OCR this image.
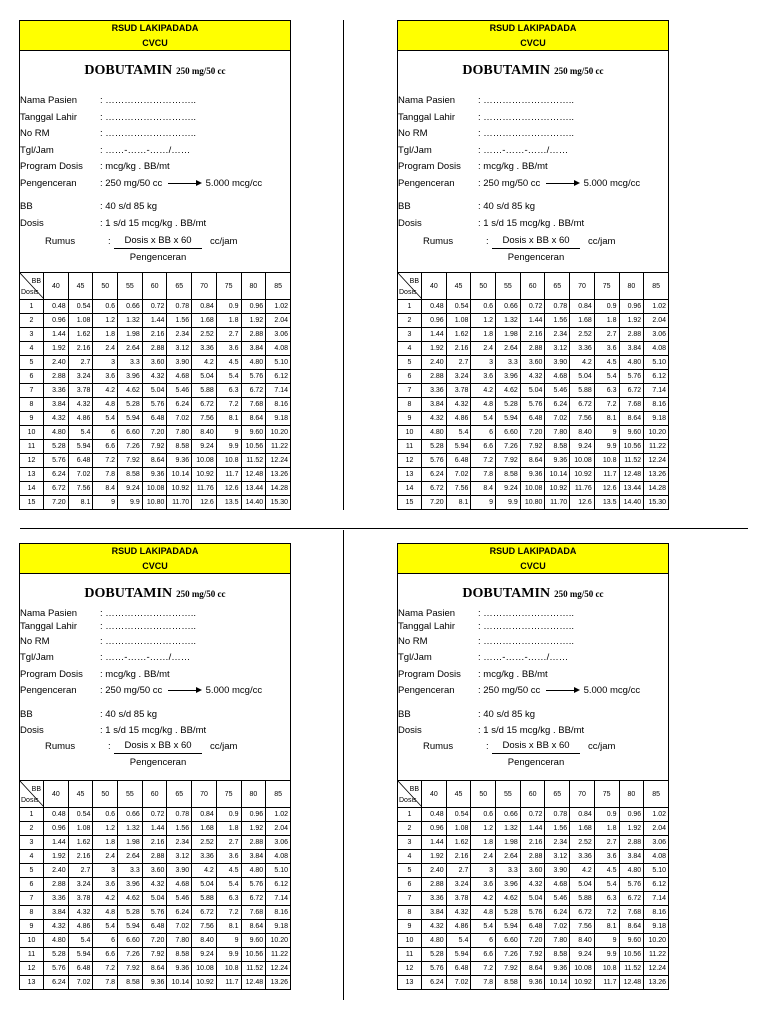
RSUD LAKIPADADA
CVCU
DOBUTAMIN 250 mg/50 cc
Nama Pasien : ………………………..
Tanggal Lahir : ………………………..
No RM	: ………………………..
Tgl/Jam	: ……-……-……/……
Program Dosis : mcg/kg . BB/mt
Pengenceran : 250 mg/50 cc	5.000 mcg/cc
BB	: 40 s/d 85 kg
Dosis	: 1 s/d 15 mcg/kg . BB/mt
Rumus	:	Dosis x BB x 60	cc/jam
Pengenceran
BB
Dosis	40	45	50	55	60	65	70	75	80	85
1	0.48	0.54	0.6	0.66	0.72	0.78	0.84	0.9	0.96	1.02
2	0.96	1.08	1.2	1.32	1.44	1.56	1.68	1.8	1.92	2.04
3	1.44	1.62	1.8	1.98	2.16	2.34	2.52	2.7	2.88	3.06
4	1.92	2.16	2.4	2.64	2.88	3.12	3.36	3.6	3.84	4.08
5	2.40	2.7	3	3.3	3.60	3.90	4.2	4.5	4.80	5.10
6	2.88	3.24	3.6	3.96	4.32	4.68	5.04	5.4	5.76	6.12
7	3.36	3.78	4.2	4.62	5.04	5.46	5.88	6.3	6.72	7.14
8	3.84	4.32	4.8	5.28	5.76	6.24	6.72	7.2	7.68	8.16
9	4.32	4.86	5.4	5.94	6.48	7.02	7.56	8.1	8.64	9.18
10	4.80	5.4	6	6.60	7.20	7.80	8.40	9	9.60	10.20
11	5.28	5.94	6.6	7.26	7.92	8.58	9.24	9.9	10.56	11.22
12	5.76	6.48	7.2	7.92	8.64	9.36	10.08	10.8	11.52	12.24
13	6.24	7.02	7.8	8.58	9.36	10.14	10.92	11.7	12.48	13.26
14	6.72	7.56	8.4	9.24	10.08	10.92	11.76	12.6	13.44	14.28
15	7.20	8.1	9	9.9	10.80	11.70	12.6	13.5	14.40	15.30
RSUD LAKIPADADA
CVCU
DOBUTAMIN 250 mg/50 cc
Nama Pasien : ………………………..
Tanggal Lahir : ………………………..
No RM	: ………………………..
Tgl/Jam	: ……-……-……/……
Program Dosis : mcg/kg . BB/mt
Pengenceran : 250 mg/50 cc	5.000 mcg/cc
BB	: 40 s/d 85 kg
Dosis	: 1 s/d 15 mcg/kg . BB/mt
Rumus	:	Dosis x BB x 60	cc/jam
Pengenceran
BB
Dosis	40	45	50	55	60	65	70	75	80	85
1	0.48	0.54	0.6	0.66	0.72	0.78	0.84	0.9	0.96	1.02
2	0.96	1.08	1.2	1.32	1.44	1.56	1.68	1.8	1.92	2.04
3	1.44	1.62	1.8	1.98	2.16	2.34	2.52	2.7	2.88	3.06
4	1.92	2.16	2.4	2.64	2.88	3.12	3.36	3.6	3.84	4.08
5	2.40	2.7	3	3.3	3.60	3.90	4.2	4.5	4.80	5.10
6	2.88	3.24	3.6	3.96	4.32	4.68	5.04	5.4	5.76	6.12
7	3.36	3.78	4.2	4.62	5.04	5.46	5.88	6.3	6.72	7.14
8	3.84	4.32	4.8	5.28	5.76	6.24	6.72	7.2	7.68	8.16
9	4.32	4.86	5.4	5.94	6.48	7.02	7.56	8.1	8.64	9.18
10	4.80	5.4	6	6.60	7.20	7.80	8.40	9	9.60	10.20
11	5.28	5.94	6.6	7.26	7.92	8.58	9.24	9.9	10.56	11.22
12	5.76	6.48	7.2	7.92	8.64	9.36	10.08	10.8	11.52	12.24
13	6.24	7.02	7.8	8.58	9.36	10.14	10.92	11.7	12.48	13.26
14	6.72	7.56	8.4	9.24	10.08	10.92	11.76	12.6	13.44	14.28
15	7.20	8.1	9	9.9	10.80	11.70	12.6	13.5	14.40	15.30
RSUD LAKIPADADA
CVCU
DOBUTAMIN 250 mg/50 cc
Nama Pasien : ………………………..
Tanggal Lahir : ………………………..
No RM	: ………………………..
Tgl/Jam	: ……-……-……/……
Program Dosis : mcg/kg . BB/mt
Pengenceran : 250 mg/50 cc	5.000 mcg/cc
BB	: 40 s/d 85 kg
Dosis	: 1 s/d 15 mcg/kg . BB/mt
Rumus	:	Dosis x BB x 60	cc/jam
Pengenceran
BB
Dosis	40	45	50	55	60	65	70	75	80	85
1	0.48	0.54	0.6	0.66	0.72	0.78	0.84	0.9	0.96	1.02
2	0.96	1.08	1.2	1.32	1.44	1.56	1.68	1.8	1.92	2.04
3	1.44	1.62	1.8	1.98	2.16	2.34	2.52	2.7	2.88	3.06
4	1.92	2.16	2.4	2.64	2.88	3.12	3.36	3.6	3.84	4.08
5	2.40	2.7	3	3.3	3.60	3.90	4.2	4.5	4.80	5.10
6	2.88	3.24	3.6	3.96	4.32	4.68	5.04	5.4	5.76	6.12
7	3.36	3.78	4.2	4.62	5.04	5.46	5.88	6.3	6.72	7.14
8	3.84	4.32	4.8	5.28	5.76	6.24	6.72	7.2	7.68	8.16
9	4.32	4.86	5.4	5.94	6.48	7.02	7.56	8.1	8.64	9.18
10	4.80	5.4	6	6.60	7.20	7.80	8.40	9	9.60	10.20
11	5.28	5.94	6.6	7.26	7.92	8.58	9.24	9.9	10.56	11.22
12	5.76	6.48	7.2	7.92	8.64	9.36	10.08	10.8	11.52	12.24
13	6.24	7.02	7.8	8.58	9.36	10.14	10.92	11.7	12.48	13.26
RSUD LAKIPADADA
CVCU
DOBUTAMIN 250 mg/50 cc
Nama Pasien : ………………………..
Tanggal Lahir : ………………………..
No RM	: ………………………..
Tgl/Jam	: ……-……-……/……
Program Dosis : mcg/kg . BB/mt
Pengenceran : 250 mg/50 cc	5.000 mcg/cc
BB	: 40 s/d 85 kg
Dosis	: 1 s/d 15 mcg/kg . BB/mt
Rumus	:	Dosis x BB x 60	cc/jam
Pengenceran
BB
Dosis	40	45	50	55	60	65	70	75	80	85
1	0.48	0.54	0.6	0.66	0.72	0.78	0.84	0.9	0.96	1.02
2	0.96	1.08	1.2	1.32	1.44	1.56	1.68	1.8	1.92	2.04
3	1.44	1.62	1.8	1.98	2.16	2.34	2.52	2.7	2.88	3.06
4	1.92	2.16	2.4	2.64	2.88	3.12	3.36	3.6	3.84	4.08
5	2.40	2.7	3	3.3	3.60	3.90	4.2	4.5	4.80	5.10
6	2.88	3.24	3.6	3.96	4.32	4.68	5.04	5.4	5.76	6.12
7	3.36	3.78	4.2	4.62	5.04	5.46	5.88	6.3	6.72	7.14
8	3.84	4.32	4.8	5.28	5.76	6.24	6.72	7.2	7.68	8.16
9	4.32	4.86	5.4	5.94	6.48	7.02	7.56	8.1	8.64	9.18
10	4.80	5.4	6	6.60	7.20	7.80	8.40	9	9.60	10.20
11	5.28	5.94	6.6	7.26	7.92	8.58	9.24	9.9	10.56	11.22
12	5.76	6.48	7.2	7.92	8.64	9.36	10.08	10.8	11.52	12.24
13	6.24	7.02	7.8	8.58	9.36	10.14	10.92	11.7	12.48	13.26
